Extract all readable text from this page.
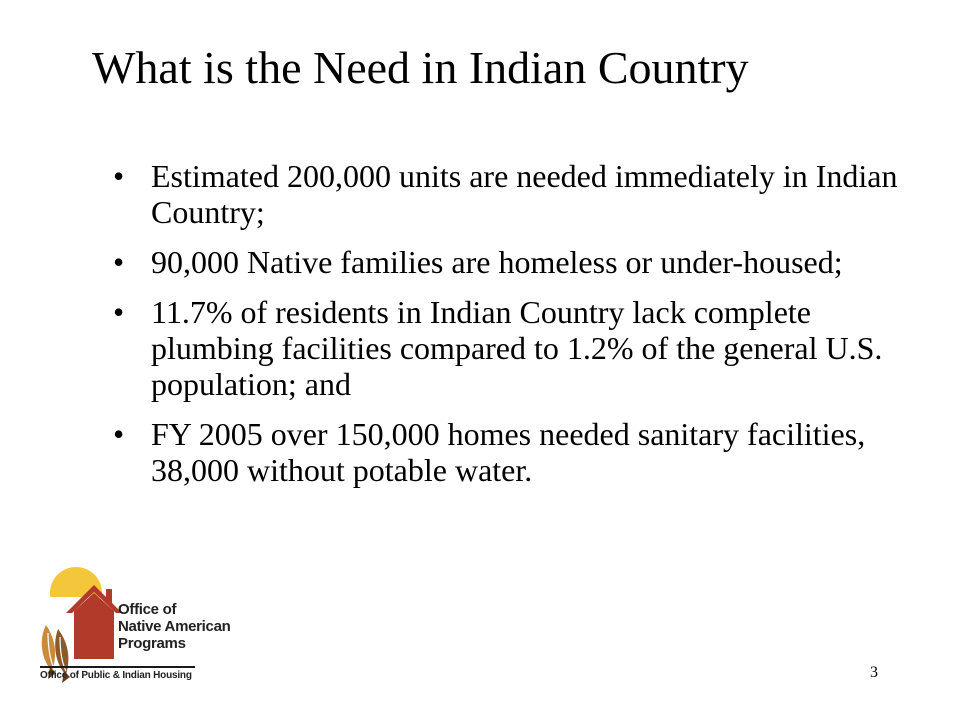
What is the Need in Indian Country
• Estimated 200,000 units are needed immediately in Indian Country;
• 90,000 Native families are homeless or under-housed;
• 11.7% of residents in Indian Country lack complete plumbing facilities compared to 1.2% of the general U.S. population; and
• FY 2005 over 150,000 homes needed sanitary facilities, 38,000 without potable water.
Office of
Native American
Programs
Office of Public & Indian Housing	3
